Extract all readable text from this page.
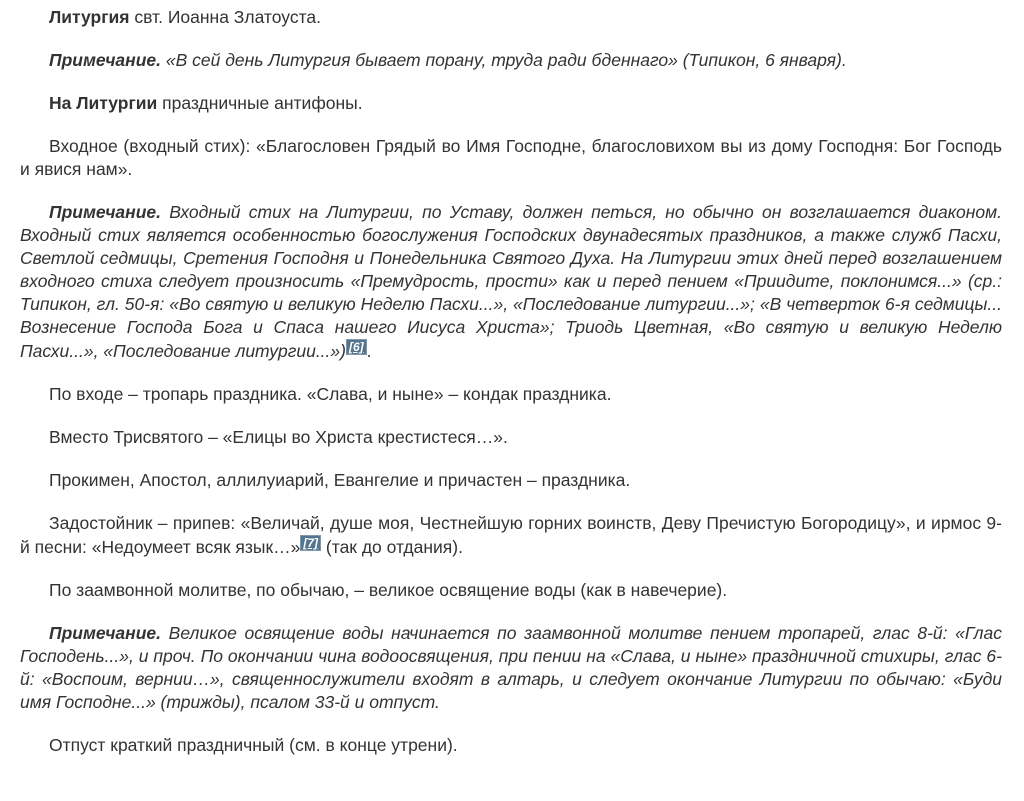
Литургия свт. Иоанна Златоуста.

Примечание. «В сей день Литургия бывает порану, труда ради бденнаго» (Типикон, 6 января).

На Литургии праздничные антифоны.

Входное (входный стих): «Благословен Грядый во Имя Господне, благословихом вы из дому Господня: Бог Господь и явися нам».

Примечание. Входный стих на Литургии, по Уставу, должен петься, но обычно он возглашается диаконом. Входный стих является особенностью богослужения Господских двунадесятых праздников, а также служб Пасхи, Светлой седмицы, Сретения Господня и Понедельника Святого Духа. На Литургии этих дней перед возглашением входного стиха следует произносить «Премудрость, прости» как и перед пением «Приидите, поклонимся...» (ср.: Типикон, гл. 50-я: «Во святую и великую Неделю Пасхи...», «Последование литургии...»; «В четверток 6-я седмицы... Вознесение Господа Бога и Спаса нашего Иисуса Христа»; Триодь Цветная, «Во святую и великую Неделю Пасхи...», «Последование литургии...») [6] .

По входе – тропарь праздника. «Слава, и ныне» – кондак праздника.

Вместо Трисвятого – «Елицы во Христа крестистеся…».

Прокимен, Апостол, аллилуиарий, Евангелие и причастен – праздника.

Задостойник – припев: «Величай, душе моя, Честнейшую горних воинств, Деву Пречистую Богородицу», и ирмос 9-й песни: «Недоумеет всяк язык…» [7] (так до отдания).

По заамвонной молитве, по обычаю, – великое освящение воды (как в навечерие).

Примечание. Великое освящение воды начинается по заамвонной молитве пением тропарей, глас 8-й: «Глас Господень...», и проч. По окончании чина водоосвящения, при пении на «Слава, и ныне» праздничной стихиры, глас 6-й: «Воспоим, вернии…», священнослужители входят в алтарь, и следует окончание Литургии по обычаю: «Буди имя Господне...» (трижды), псалом 33-й и отпуст.

Отпуст краткий праздничный (см. в конце утрени).
